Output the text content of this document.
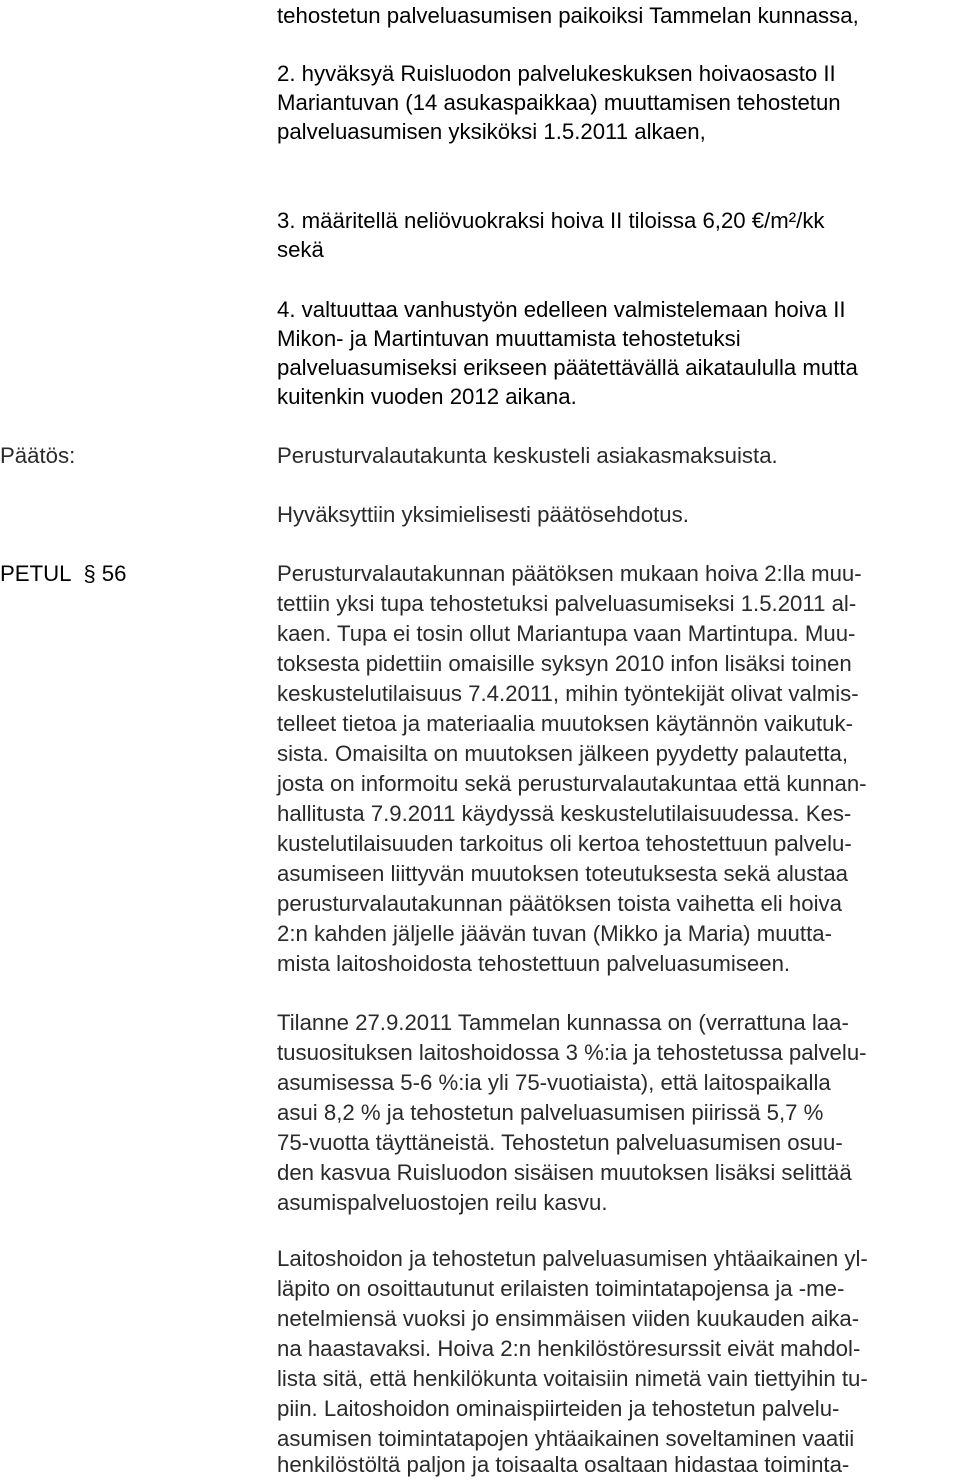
tehostetun palveluasumisen paikoiksi Tammelan kunnassa,
2. hyväksyä Ruisluodon palvelukeskuksen hoivaosasto II
Mariantuvan (14 asukaspaikkaa) muuttamisen tehostetun
palveluasumisen yksiköksi 1.5.2011 alkaen,
3. määritellä neliövuokraksi hoiva II tiloissa 6,20 €/m²/kk
sekä
4. valtuuttaa vanhustyön edelleen valmistelemaan hoiva II
Mikon- ja Martintuvan muuttamista tehostetuksi
palveluasumiseksi erikseen päätettävällä aikataululla mutta
kuitenkin vuoden 2012 aikana.
Päätös:	Perusturvalautakunta keskusteli asiakasmaksuista.
Hyväksyttiin yksimielisesti päätösehdotus.
PETUL § 56	Perusturvalautakunnan päätöksen mukaan hoiva 2:lla muu-
tettiin yksi tupa tehostetuksi palveluasumiseksi 1.5.2011 al-
kaen. Tupa ei tosin ollut Mariantupa vaan Martintupa. Muu-
toksesta pidettiin omaisille syksyn 2010 infon lisäksi toinen
keskustelutilaisuus 7.4.2011, mihin työntekijät olivat valmis-
telleet tietoa ja materiaalia muutoksen käytännön vaikutuk-
sista. Omaisilta on muutoksen jälkeen pyydetty palautetta,
josta on informoitu sekä perusturvalautakuntaa että kunnan-
hallitusta 7.9.2011 käydyssä keskustelutilaisuudessa. Kes-
kustelutilaisuuden tarkoitus oli kertoa tehostettuun palvelu-
asumiseen liittyvän muutoksen toteutuksesta sekä alustaa
perusturvalautakunnan päätöksen toista vaihetta eli hoiva
2:n kahden jäljelle jäävän tuvan (Mikko ja Maria) muutta-
mista laitoshoidosta tehostettuun palveluasumiseen.
Tilanne 27.9.2011 Tammelan kunnassa on (verrattuna laa-
tusuosituksen laitoshoidossa 3 %:ia ja tehostetussa palvelu-
asumisessa 5-6 %:ia yli 75-vuotiaista), että laitospaikalla
asui 8,2 % ja tehostetun palveluasumisen piirissä 5,7 %
75-vuotta täyttäneistä. Tehostetun palveluasumisen osuu-
den kasvua Ruisluodon sisäisen muutoksen lisäksi selittää
asumispalveluostojen reilu kasvu.
Laitoshoidon ja tehostetun palveluasumisen yhtäaikainen yl-
läpito on osoittautunut erilaisten toimintatapojensa ja -me-
netelmiensä vuoksi jo ensimmäisen viiden kuukauden aika-
na haastavaksi. Hoiva 2:n henkilöstöresurssit eivät mahdol-
lista sitä, että henkilökunta voitaisiin nimetä vain tiettyihin tu-
piin. Laitoshoidon ominaispiirteiden ja tehostetun palvelu-
asumisen toimintatapojen yhtäaikainen soveltaminen vaatii
henkilöstöltä paljon ja toisaalta osaltaan hidastaa toiminta-
